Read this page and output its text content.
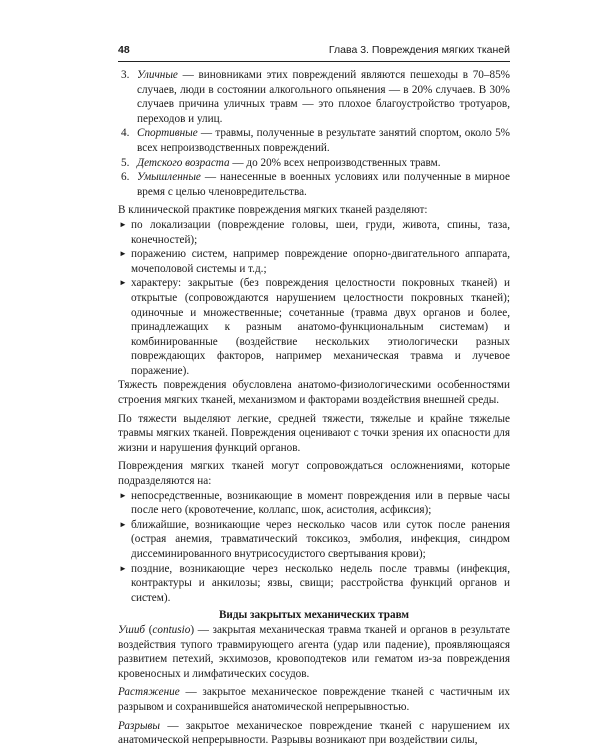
48	Глава 3. Повреждения мягких тканей
3. Уличные — виновниками этих повреждений являются пешеходы в 70–85% случаев, люди в состоянии алкогольного опьянения — в 20% случаев. В 30% случаев причина уличных травм — это плохое благоустройство тротуаров, переходов и улиц.
4. Спортивные — травмы, полученные в результате занятий спортом, около 5% всех непроизводственных повреждений.
5. Детского возраста — до 20% всех непроизводственных травм.
6. Умышленные — нанесенные в военных условиях или полученные в мирное время с целью членовредительства.
В клинической практике повреждения мягких тканей разделяют:
► по локализации (повреждение головы, шеи, груди, живота, спины, таза, конечностей);
► поражению систем, например повреждение опорно-двигательного аппарата, мочеполовой системы и т.д.;
► характеру: закрытые (без повреждения целостности покровных тканей) и открытые (сопровождаются нарушением целостности покровных тканей); одиночные и множественные; сочетанные (травма двух органов и более, принадлежащих к разным анатомо-функциональным системам) и комбинированные (воздействие нескольких этиологически разных повреждающих факторов, например механическая травма и лучевое поражение).
Тяжесть повреждения обусловлена анатомо-физиологическими особенностями строения мягких тканей, механизмом и факторами воздействия внешней среды.
По тяжести выделяют легкие, средней тяжести, тяжелые и крайне тяжелые травмы мягких тканей. Повреждения оценивают с точки зрения их опасности для жизни и нарушения функций органов.
Повреждения мягких тканей могут сопровождаться осложнениями, которые подразделяются на:
► непосредственные, возникающие в момент повреждения или в первые часы после него (кровотечение, коллапс, шок, асистолия, асфиксия);
► ближайшие, возникающие через несколько часов или суток после ранения (острая анемия, травматический токсикоз, эмболия, инфекция, синдром диссеминированного внутрисосудистого свертывания крови);
► поздние, возникающие через несколько недель после травмы (инфекция, контрактуры и анкилозы; язвы, свищи; расстройства функций органов и систем).
Виды закрытых механических травм
Ушиб (contusio) — закрытая механическая травма тканей и органов в результате воздействия тупого травмирующего агента (удар или падение), проявляющаяся развитием петехий, экхимозов, кровоподтеков или гематом из-за повреждения кровеносных и лимфатических сосудов.
Растяжение — закрытое механическое повреждение тканей с частичным их разрывом и сохранившейся анатомической непрерывностью.
Разрывы — закрытое механическое повреждение тканей с нарушением их анатомической непрерывности. Разрывы возникают при воздействии силы,
